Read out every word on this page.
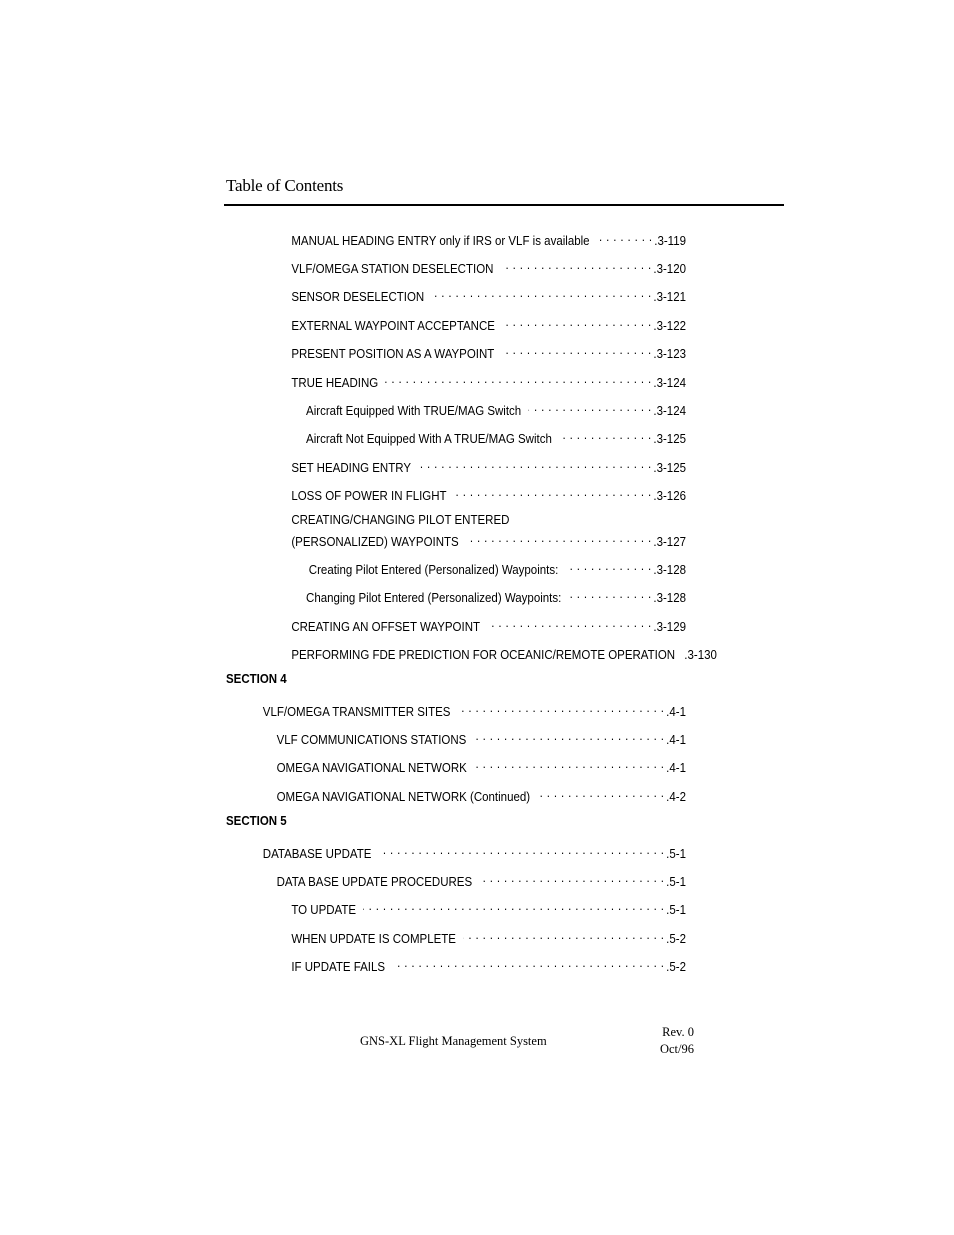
Table of Contents
MANUAL HEADING ENTRY only if IRS or VLF is available . . .	.3-119
VLF/OMEGA STATION DESELECTION . . .	.3-120
SENSOR DESELECTION . . .	.3-121
EXTERNAL WAYPOINT ACCEPTANCE . . .	.3-122
PRESENT POSITION AS A WAYPOINT . . .	.3-123
TRUE HEADING . . .	.3-124
Aircraft Equipped With TRUE/MAG Switch . . .	.3-124
Aircraft Not Equipped With A TRUE/MAG Switch . . .	.3-125
SET HEADING ENTRY . . .	.3-125
LOSS OF POWER IN FLIGHT . . .	.3-126
CREATING/CHANGING PILOT ENTERED
(PERSONALIZED) WAYPOINTS . . .	.3-127
Creating Pilot Entered (Personalized) Waypoints: . . .	.3-128
Changing Pilot Entered (Personalized) Waypoints: . . .	.3-128
CREATING AN OFFSET WAYPOINT . . .	.3-129
PERFORMING FDE PREDICTION FOR OCEANIC/REMOTE OPERATION .3-130
SECTION 4
VLF/OMEGA TRANSMITTER SITES . . .	.4-1
VLF COMMUNICATIONS STATIONS . . .	.4-1
OMEGA NAVIGATIONAL NETWORK . . .	.4-1
OMEGA NAVIGATIONAL NETWORK (Continued) . . .	.4-2
SECTION 5
DATABASE UPDATE . . .	.5-1
DATA BASE UPDATE PROCEDURES . . .	.5-1
TO UPDATE . . .	.5-1
WHEN UPDATE IS COMPLETE . . .	.5-2
IF UPDATE FAILS . . .	.5-2
GNS-XL Flight Management System
Rev. 0
Oct/96
